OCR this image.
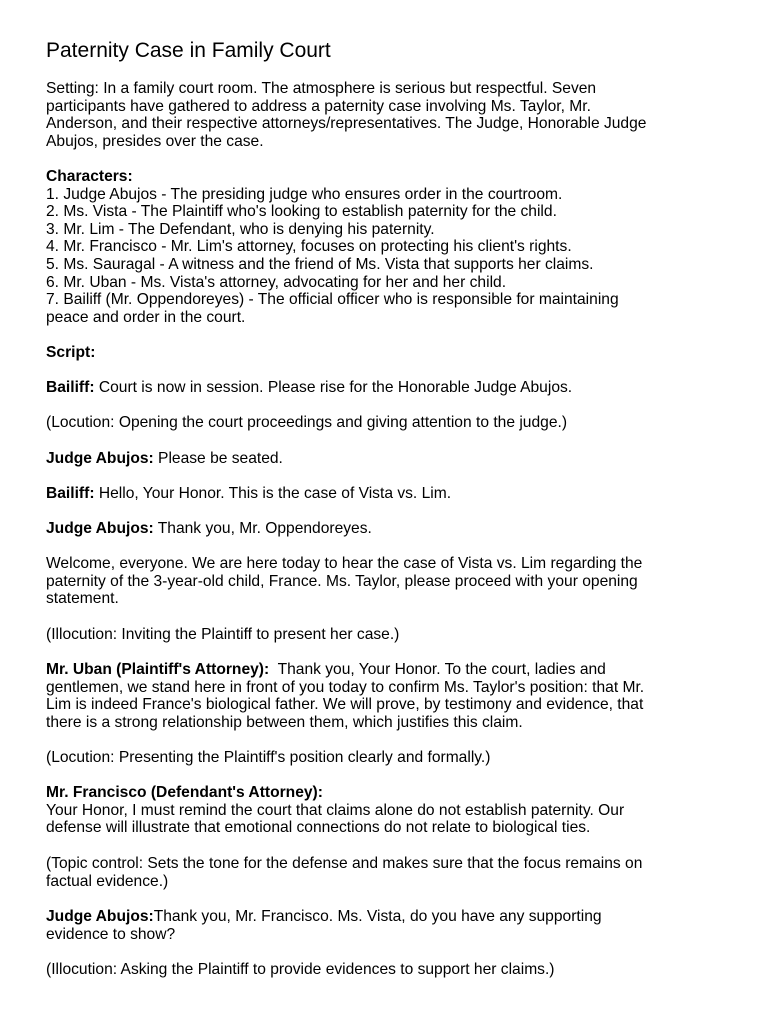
Paternity Case in Family Court

Setting: In a family court room. The atmosphere is serious but respectful. Seven
participants have gathered to address a paternity case involving Ms. Taylor, Mr.
Anderson, and their respective attorneys/representatives. The Judge, Honorable Judge
Abujos, presides over the case.

Characters:
1. Judge Abujos - The presiding judge who ensures order in the courtroom.
2. Ms. Vista - The Plaintiff who's looking to establish paternity for the child.
3. Mr. Lim - The Defendant, who is denying his paternity.
4. Mr. Francisco - Mr. Lim's attorney, focuses on protecting his client's rights.
5. Ms. Sauragal - A witness and the friend of Ms. Vista that supports her claims.
6. Mr. Uban - Ms. Vista's attorney, advocating for her and her child.
7. Bailiff (Mr. Oppendoreyes) - The official officer who is responsible for maintaining
peace and order in the court.

Script:

Bailiff: Court is now in session. Please rise for the Honorable Judge Abujos.

(Locution: Opening the court proceedings and giving attention to the judge.)

Judge Abujos: Please be seated.

Bailiff: Hello, Your Honor. This is the case of Vista vs. Lim.

Judge Abujos: Thank you, Mr. Oppendoreyes.

Welcome, everyone. We are here today to hear the case of Vista vs. Lim regarding the
paternity of the 3-year-old child, France. Ms. Taylor, please proceed with your opening
statement.

(Illocution: Inviting the Plaintiff to present her case.)

Mr. Uban (Plaintiff's Attorney):  Thank you, Your Honor. To the court, ladies and
gentlemen, we stand here in front of you today to confirm Ms. Taylor's position: that Mr.
Lim is indeed France's biological father. We will prove, by testimony and evidence, that
there is a strong relationship between them, which justifies this claim.

(Locution: Presenting the Plaintiff's position clearly and formally.)

Mr. Francisco (Defendant's Attorney):
Your Honor, I must remind the court that claims alone do not establish paternity. Our
defense will illustrate that emotional connections do not relate to biological ties.

(Topic control: Sets the tone for the defense and makes sure that the focus remains on
factual evidence.)

Judge Abujos:Thank you, Mr. Francisco. Ms. Vista, do you have any supporting
evidence to show?

(Illocution: Asking the Plaintiff to provide evidences to support her claims.)
